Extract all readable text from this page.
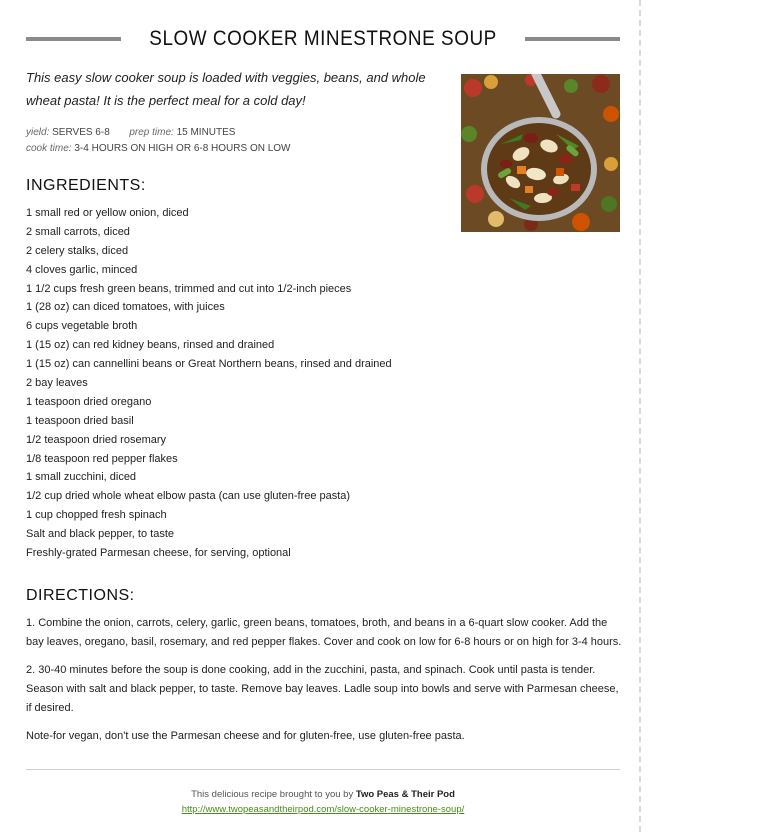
SLOW COOKER MINESTRONE SOUP
This easy slow cooker soup is loaded with veggies, beans, and whole wheat pasta! It is the perfect meal for a cold day!
yield: SERVES 6-8 prep time: 15 MINUTES
cook time: 3-4 HOURS ON HIGH OR 6-8 HOURS ON LOW
INGREDIENTS:
1 small red or yellow onion, diced
2 small carrots, diced
2 celery stalks, diced
4 cloves garlic, minced
1 1/2 cups fresh green beans, trimmed and cut into 1/2-inch pieces
1 (28 oz) can diced tomatoes, with juices
6 cups vegetable broth
1 (15 oz) can red kidney beans, rinsed and drained
1 (15 oz) can cannellini beans or Great Northern beans, rinsed and drained
2 bay leaves
1 teaspoon dried oregano
1 teaspoon dried basil
1/2 teaspoon dried rosemary
1/8 teaspoon red pepper flakes
1 small zucchini, diced
1/2 cup dried whole wheat elbow pasta (can use gluten-free pasta)
1 cup chopped fresh spinach
Salt and black pepper, to taste
Freshly-grated Parmesan cheese, for serving, optional
DIRECTIONS:

1. Combine the onion, carrots, celery, garlic, green beans, tomatoes, broth, and beans in a 6-quart slow cooker. Add the bay leaves, oregano, basil, rosemary, and red pepper flakes. Cover and cook on low for 6-8 hours or on high for 3-4 hours.

2. 30-40 minutes before the soup is done cooking, add in the zucchini, pasta, and spinach. Cook until pasta is tender. Season with salt and black pepper, to taste. Remove bay leaves. Ladle soup into bowls and serve with Parmesan cheese, if desired.

Note-for vegan, don't use the Parmesan cheese and for gluten-free, use gluten-free pasta.

This delicious recipe brought to you by Two Peas & Their Pod
http://www.twopeasandtheirpod.com/slow-cooker-minestrone-soup/
